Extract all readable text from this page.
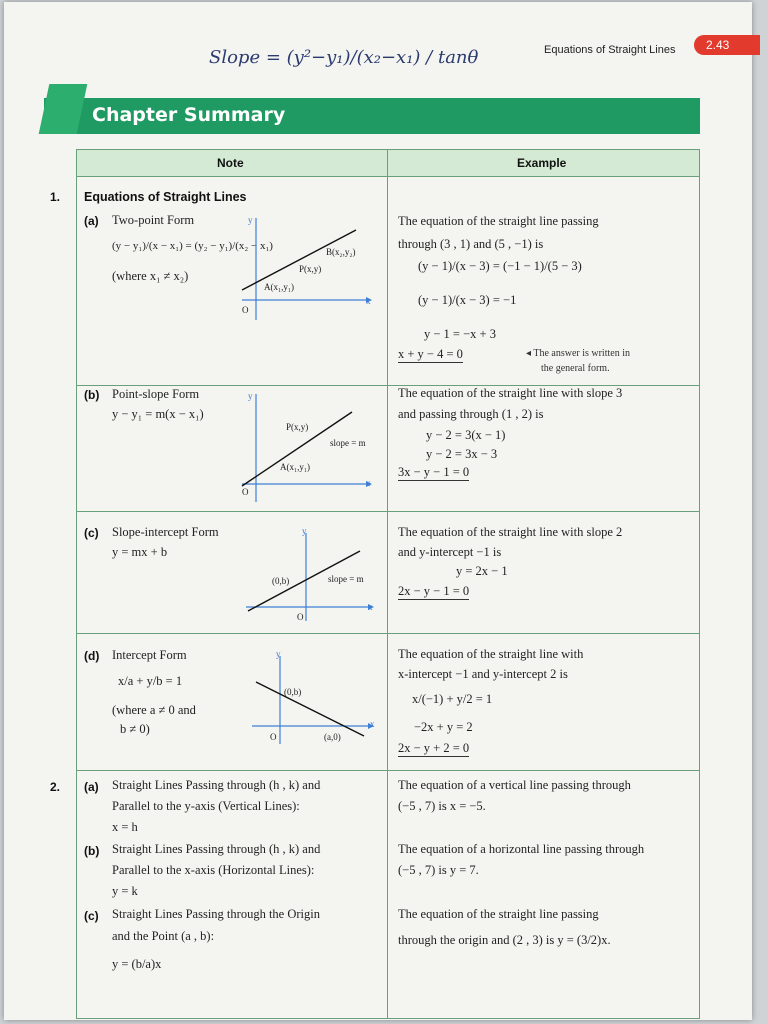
Equations of Straight Lines	2.43
Slope = (y²−y₁)/(x₂−x₁) / tanθ
Chapter Summary
Note	Example
1. Equations of Straight Lines
(a) Two-point Form
(y − y₁)/(x − x₁) = (y₂ − y₁)/(x₂ − x₁)
(where x₁ ≠ x₂)
y
x
O
A(x₁,y₁)
P(x,y)
B(x₂,y₂)
The equation of the straight line passing
through (3 , 1) and (5 , −1) is
(y − 1)/(x − 3) = (−1 − 1)/(5 − 3)
(y − 1)/(x − 3) = −1
y − 1 = −x + 3
x + y − 4 = 0	◂ The answer is written in
the general form.
(b) Point-slope Form
y − y₁ = m(x − x₁)
y
x
O
A(x₁,y₁)
P(x,y)
slope = m
The equation of the straight line with slope 3
and passing through (1 , 2) is
y − 2 = 3(x − 1)
y − 2 = 3x − 3
3x − y − 1 = 0
(c) Slope-intercept Form
y = mx + b
y
x
O
(0,b)	slope = m
The equation of the straight line with slope 2
and y-intercept −1 is
y = 2x − 1
2x − y − 1 = 0
(d) Intercept Form
x/a + y/b = 1
(where a ≠ 0 and
b ≠ 0)
y
x
O
(0,b)
(a,0)
The equation of the straight line with
x-intercept −1 and y-intercept 2 is
x/(−1) + y/2 = 1
−2x + y = 2
2x − y + 2 = 0
2. (a) Straight Lines Passing through (h , k) and
Parallel to the y-axis (Vertical Lines):
x = h
The equation of a vertical line passing through
(−5 , 7) is x = −5.
(b) Straight Lines Passing through (h , k) and
Parallel to the x-axis (Horizontal Lines):
y = k
The equation of a horizontal line passing through
(−5 , 7) is y = 7.
(c) Straight Lines Passing through the Origin
and the Point (a , b):
y = (b/a)x
The equation of the straight line passing
through the origin and (2 , 3) is y = (3/2)x.
